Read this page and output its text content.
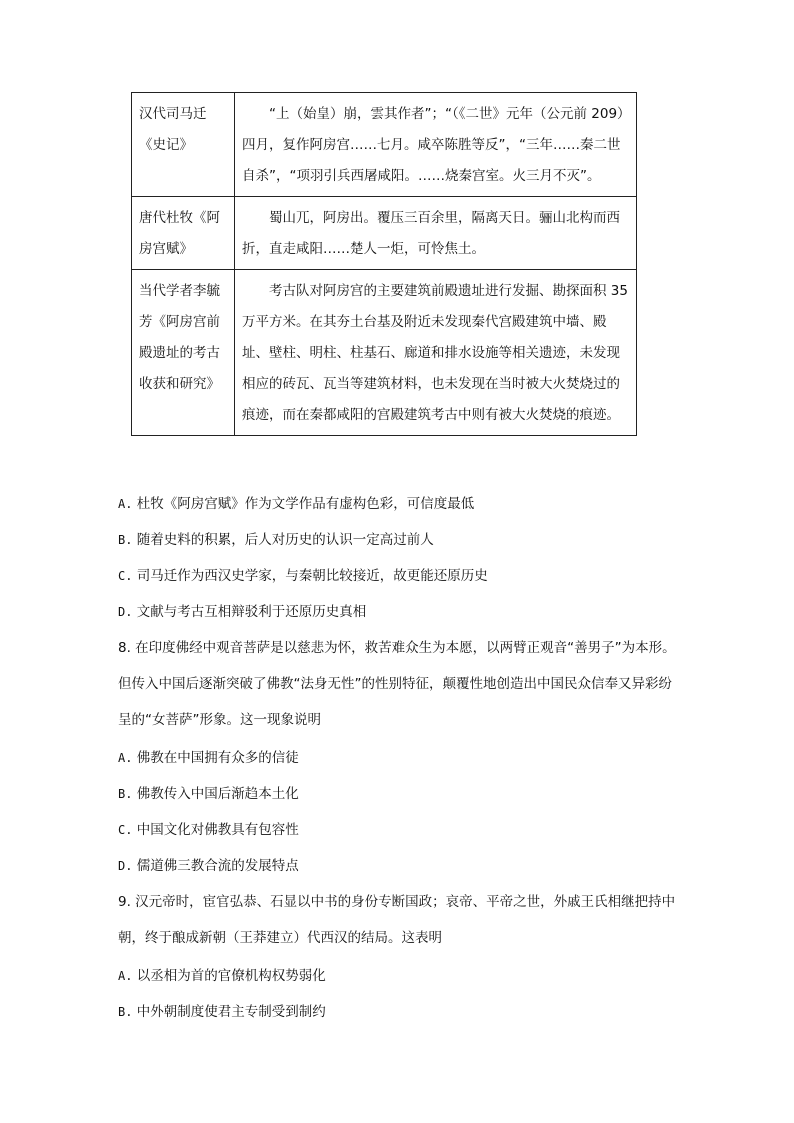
汉代司马迁《史记》	“上（始皇）崩，雲其作者”；“（《二世》元年（公元前 209）四月，复作阿房宫……七月。咸卒陈胜等反”，“三年……秦二世自杀”，“项羽引兵西屠咸阳。……烧秦宫室。火三月不灭”。
唐代杜牧《阿房宫赋》	蜀山兀，阿房出。覆压三百余里，隔离天日。骊山北构而西折，直走咸阳……楚人一炬，可怜焦土。
当代学者李毓芳《阿房宫前殿遗址的考古收获和研究》	考古队对阿房宫的主要建筑前殿遗址进行发掘、勘探面积 35 万平方米。在其夯土台基及附近未发现秦代宫殿建筑中墙、殿址、壁柱、明柱、柱基石、廊道和排水设施等相关遗迹，未发现相应的砖瓦、瓦当等建筑材料，也未发现在当时被大火焚烧过的痕迹，而在秦都咸阳的宫殿建筑考古中则有被大火焚烧的痕迹。
A. 杜牧《阿房宫赋》作为文学作品有虚构色彩，可信度最低
B. 随着史料的积累，后人对历史的认识一定高过前人
C. 司马迁作为西汉史学家，与秦朝比较接近，故更能还原历史
D. 文献与考古互相辩驳利于还原历史真相
8. 在印度佛经中观音菩萨是以慈悲为怀，救苦难众生为本愿，以两臂正观音“善男子”为本形。但传入中国后逐渐突破了佛教“法身无性”的性别特征，颠覆性地创造出中国民众信奉又异彩纷呈的“女菩萨”形象。这一现象说明
A. 佛教在中国拥有众多的信徒
B. 佛教传入中国后渐趋本土化
C. 中国文化对佛教具有包容性
D. 儒道佛三教合流的发展特点
9. 汉元帝时，宦官弘恭、石显以中书的身份专断国政；哀帝、平帝之世，外戚王氏相继把持中朝，终于酿成新朝（王莽建立）代西汉的结局。这表明
A. 以丞相为首的官僚机构权势弱化
B. 中外朝制度使君主专制受到制约
